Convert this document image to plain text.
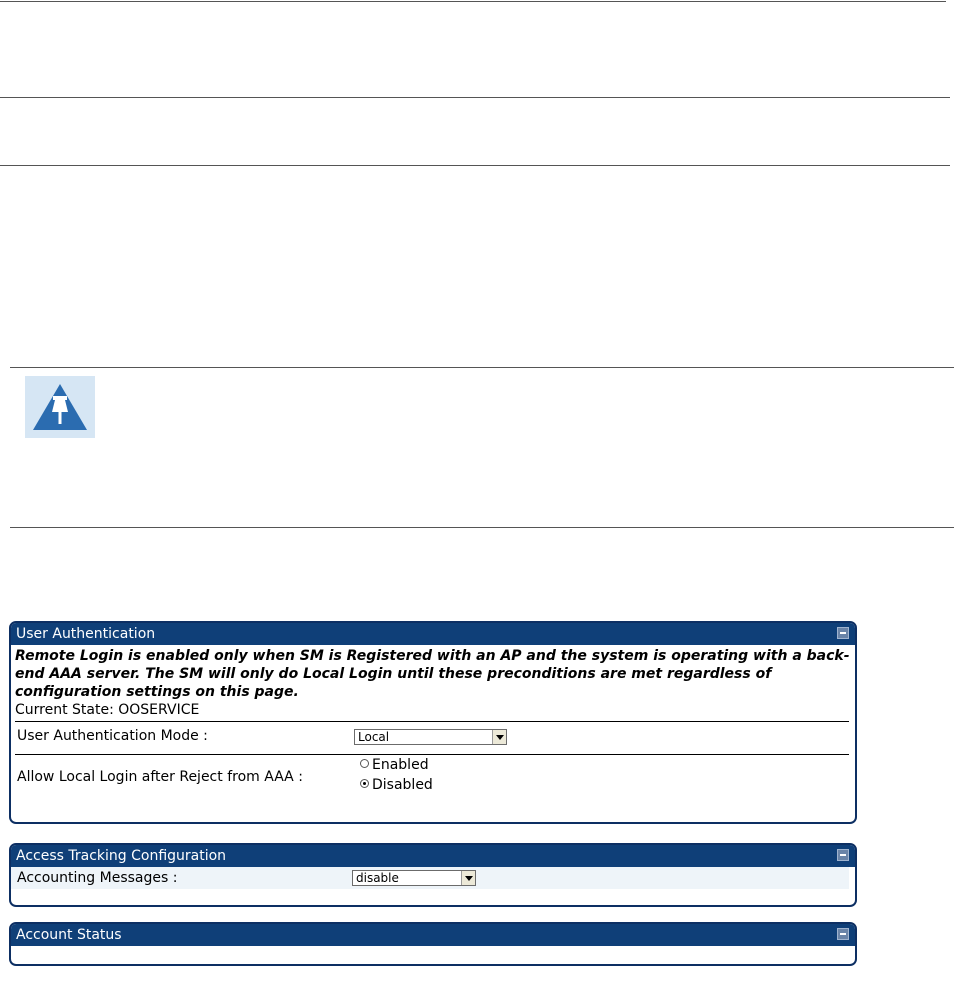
User Authentication
Remote Login is enabled only when SM is Registered with an AP and the system is operating with a back-end AAA server. The SM will only do Local Login until these preconditions are met regardless of configuration settings on this page.
Current State: OOSERVICE
User Authentication Mode :	Local
Allow Local Login after Reject from AAA :
Enabled
Disabled
Access Tracking Configuration
Accounting Messages :	disable
Account Status
